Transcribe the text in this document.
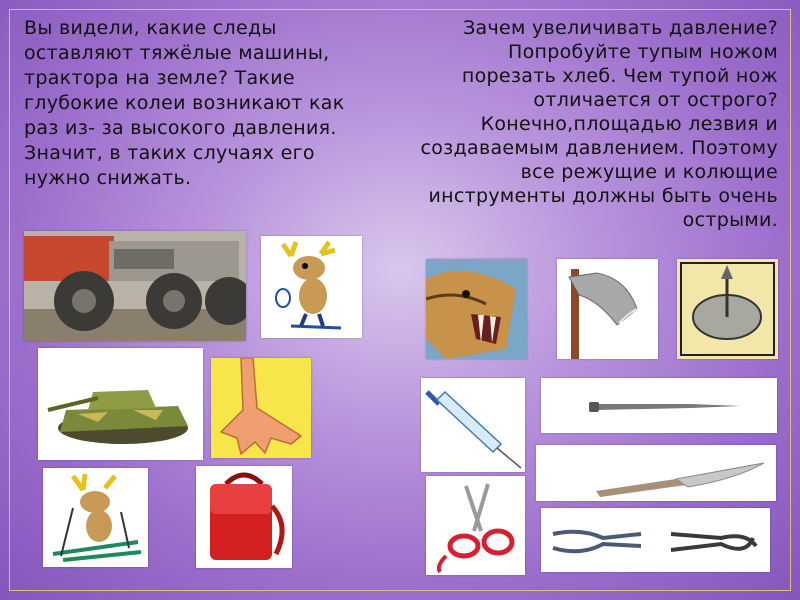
Вы видели, какие следы оставляют тяжёлые машины, трактора на земле? Такие глубокие колеи возникают как раз из- за высокого давления. Значит, в таких случаях его нужно снижать.
Зачем увеличивать давление? Попробуйте тупым ножом порезать хлеб. Чем тупой нож отличается от острого? Конечно,площадью лезвия и создаваемым давлением. Поэтому все режущие и колющие инструменты должны быть очень острыми.
